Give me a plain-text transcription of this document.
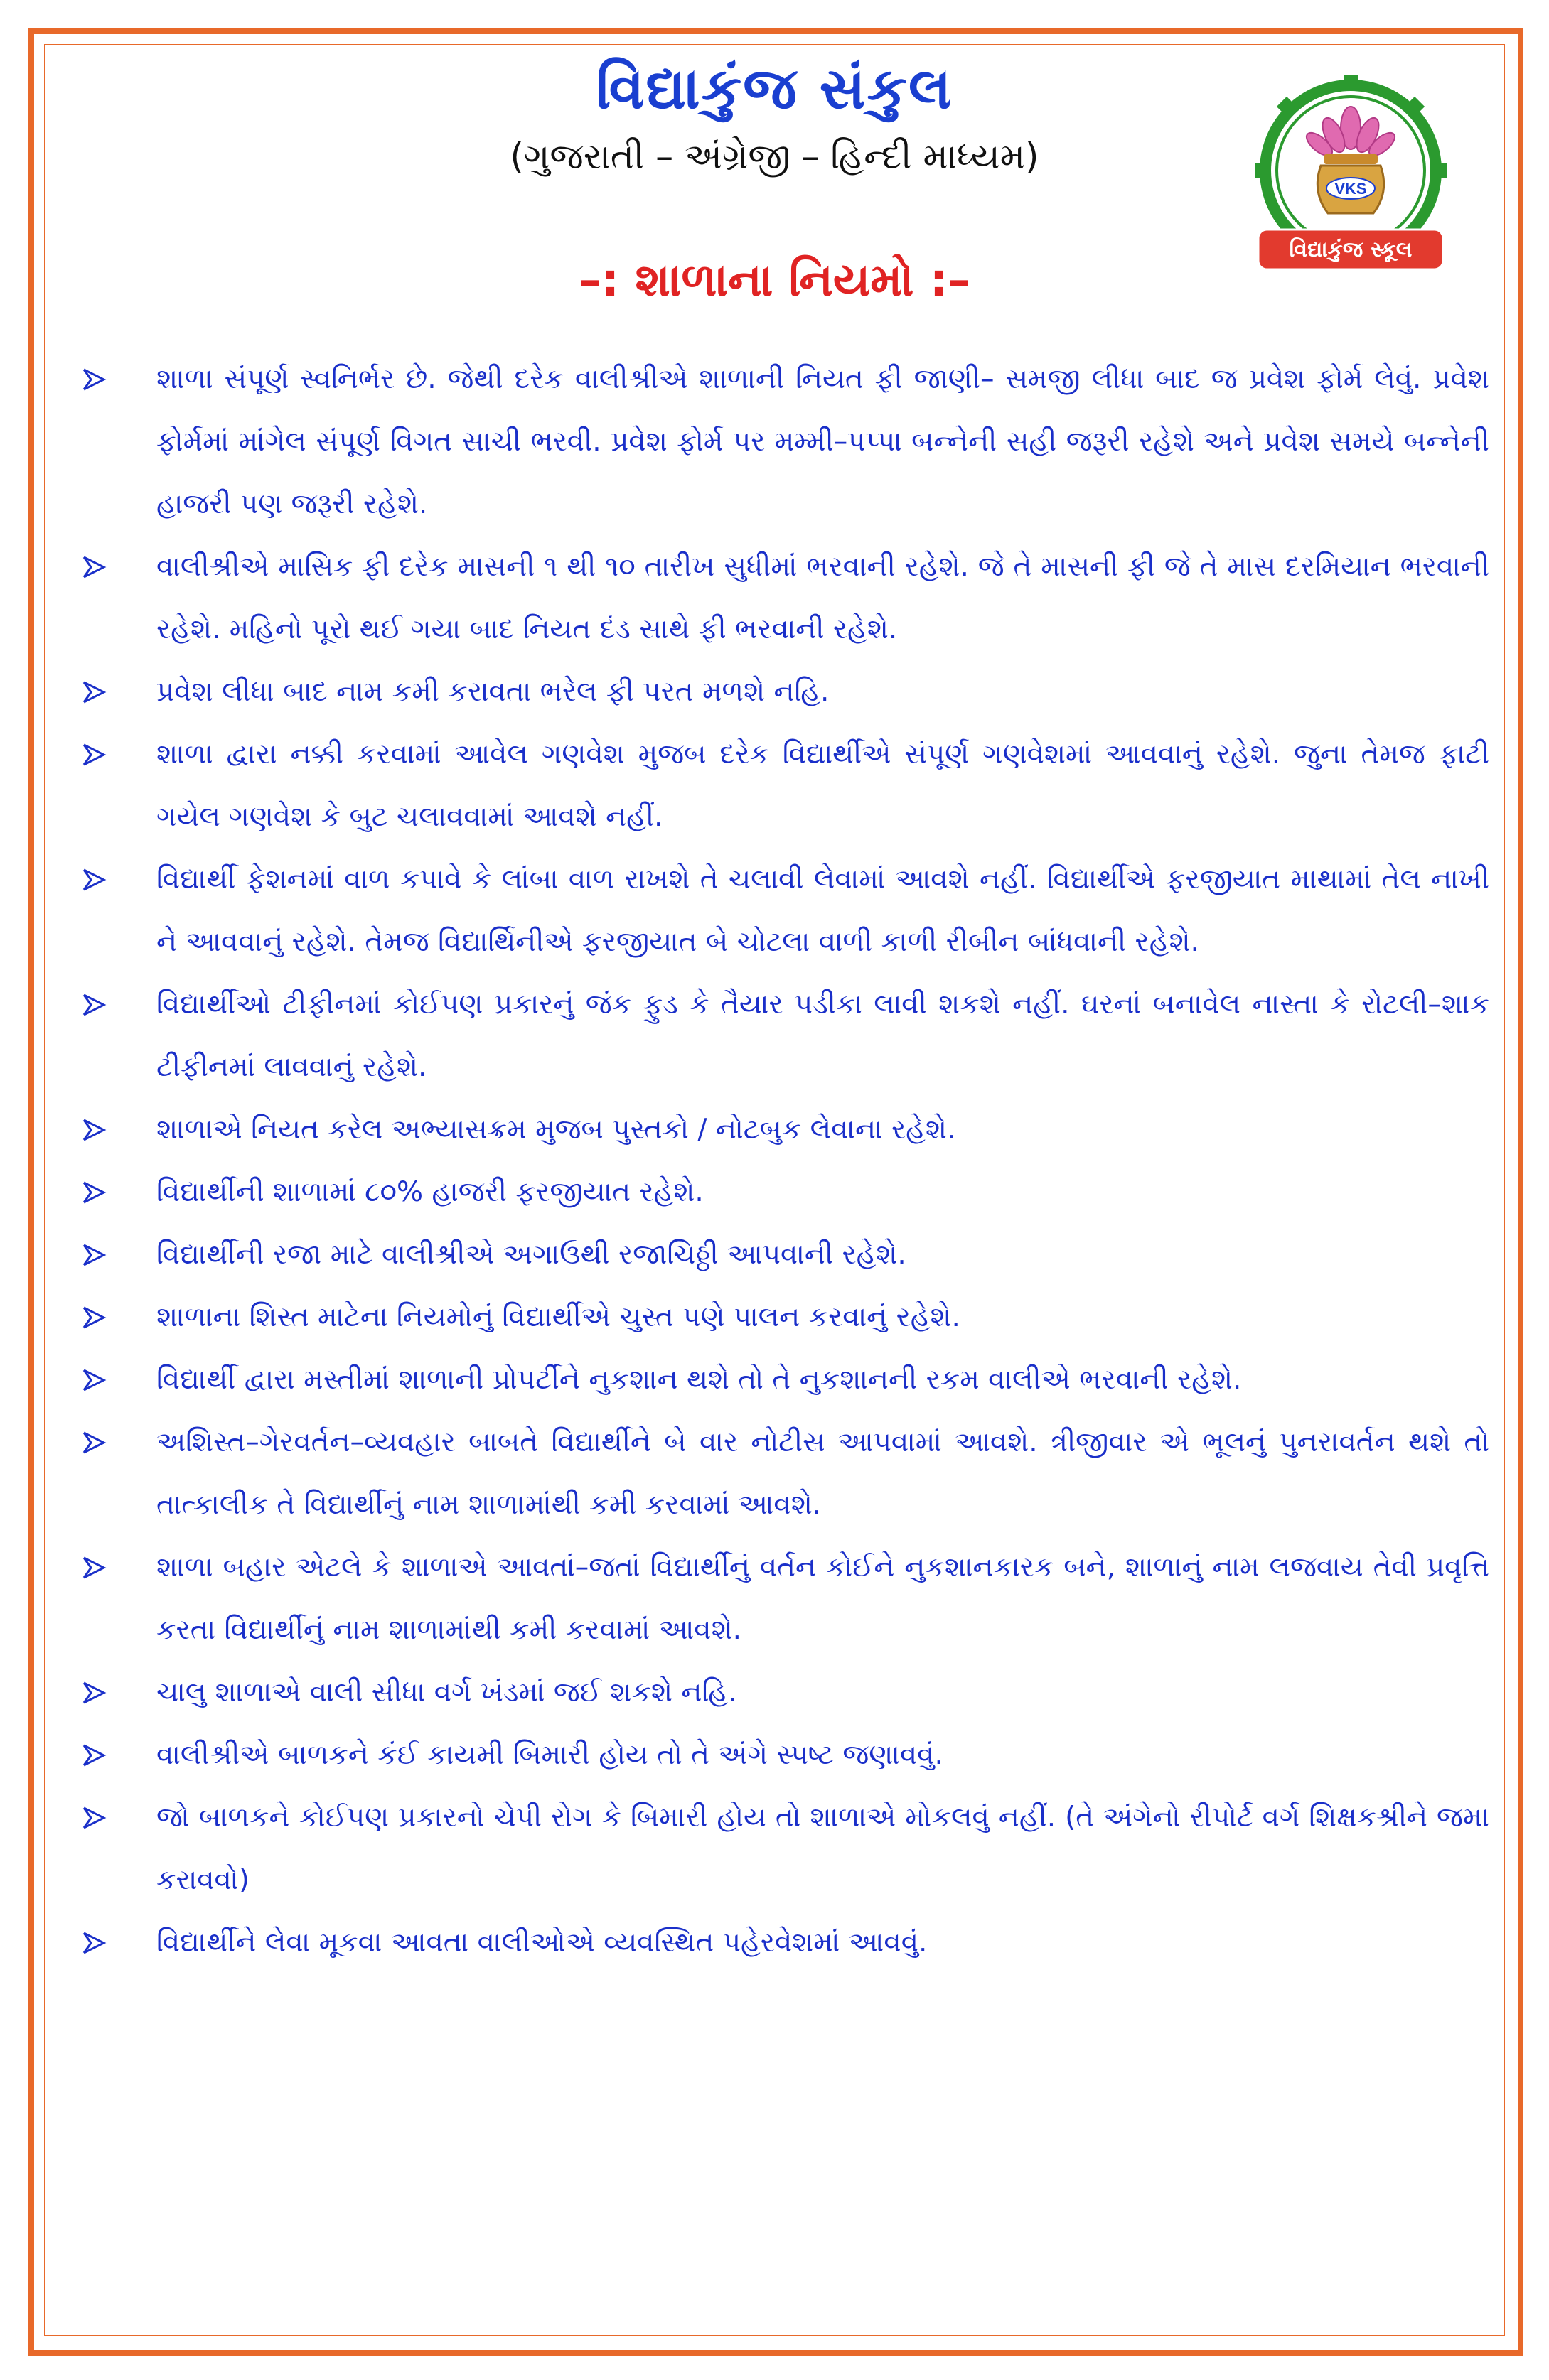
વિદ્યાકુંજ સંકુલ
(ગુજરાતી – અંગ્રેજી – હિન્દી માધ્યમ)
–: શાળાના નિયમો :–
VKS
વિદ્યાકુંજ સ્કૂલ
શાળા સંપૂર્ણ સ્વનિર્ભર છે. જેથી દરેક વાલીશ્રીએ શાળાની નિયત ફી જાણી– સમજી લીધા બાદ જ પ્રવેશ ફોર્મ લેવું. પ્રવેશ ફોર્મમાં માંગેલ સંપૂર્ણ વિગત સાચી ભરવી. પ્રવેશ ફોર્મ પર મમ્મી–પપ્પા બન્નેની સહી જરૂરી રહેશે અને પ્રવેશ સમયે બન્નેની હાજરી પણ જરૂરી રહેશે.
વાલીશ્રીએ માસિક ફી દરેક માસની ૧ થી ૧૦ તારીખ સુધીમાં ભરવાની રહેશે. જે તે માસની ફી જે તે માસ દરમિયાન ભરવાની રહેશે. મહિનો પૂરો થઈ ગયા બાદ નિયત દંડ સાથે ફી ભરવાની રહેશે.
પ્રવેશ લીધા બાદ નામ કમી કરાવતા ભરેલ ફી પરત મળશે નહિ.
શાળા દ્વારા નક્કી કરવામાં આવેલ ગણવેશ મુજબ દરેક વિદ્યાર્થીએ સંપૂર્ણ ગણવેશમાં આવવાનું રહેશે. જુના તેમજ ફાટી ગયેલ ગણવેશ કે બુટ ચલાવવામાં આવશે નહીં.
વિદ્યાર્થી ફેશનમાં વાળ કપાવે કે લાંબા વાળ રાખશે તે ચલાવી લેવામાં આવશે નહીં. વિદ્યાર્થીએ ફરજીયાત માથામાં તેલ નાખી ને આવવાનું રહેશે. તેમજ વિદ્યાર્થિનીએ ફરજીયાત બે ચોટલા વાળી કાળી રીબીન બાંધવાની રહેશે.
વિદ્યાર્થીઓ ટીફીનમાં કોઈપણ પ્રકારનું જંક ફુડ કે તૈયાર પડીકા લાવી શકશે નહીં. ઘરનાં બનાવેલ નાસ્તા કે રોટલી–શાક ટીફીનમાં લાવવાનું રહેશે.
શાળાએ નિયત કરેલ અભ્યાસક્રમ મુજબ પુસ્તકો / નોટબુક લેવાના રહેશે.
વિદ્યાર્થીની શાળામાં ૮૦% હાજરી ફરજીયાત રહેશે.
વિદ્યાર્થીની રજા માટે વાલીશ્રીએ અગાઉથી રજાચિઠ્ઠી આપવાની રહેશે.
શાળાના શિસ્ત માટેના નિયમોનું વિદ્યાર્થીએ ચુસ્ત પણે પાલન કરવાનું રહેશે.
વિદ્યાર્થી દ્વારા મસ્તીમાં શાળાની પ્રોપર્ટીને નુકશાન થશે તો તે નુકશાનની રકમ વાલીએ ભરવાની રહેશે.
અશિસ્ત–ગેરવર્તન–વ્યવહાર બાબતે વિદ્યાર્થીને બે વાર નોટીસ આપવામાં આવશે. ત્રીજીવાર એ ભૂલનું પુનરાવર્તન થશે તો તાત્કાલીક તે વિદ્યાર્થીનું નામ શાળામાંથી કમી કરવામાં આવશે.
શાળા બહાર એટલે કે શાળાએ આવતાં–જતાં વિદ્યાર્થીનું વર્તન કોઈને નુકશાનકારક બને, શાળાનું નામ લજવાય તેવી પ્રવૃત્તિ કરતા વિદ્યાર્થીનું નામ શાળામાંથી કમી કરવામાં આવશે.
ચાલુ શાળાએ વાલી સીધા વર્ગ ખંડમાં જઈ શકશે નહિ.
વાલીશ્રીએ બાળકને કંઈ કાયમી બિમારી હોય તો તે અંગે સ્પષ્ટ જણાવવું.
જો બાળકને કોઈપણ પ્રકારનો ચેપી રોગ કે બિમારી હોય તો શાળાએ મોકલવું નહીં. (તે અંગેનો રીપોર્ટ વર્ગ શિક્ષકશ્રીને જમા કરાવવો)
વિદ્યાર્થીને લેવા મૂકવા આવતા વાલીઓએ વ્યવસ્થિત પહેરવેશમાં આવવું.
